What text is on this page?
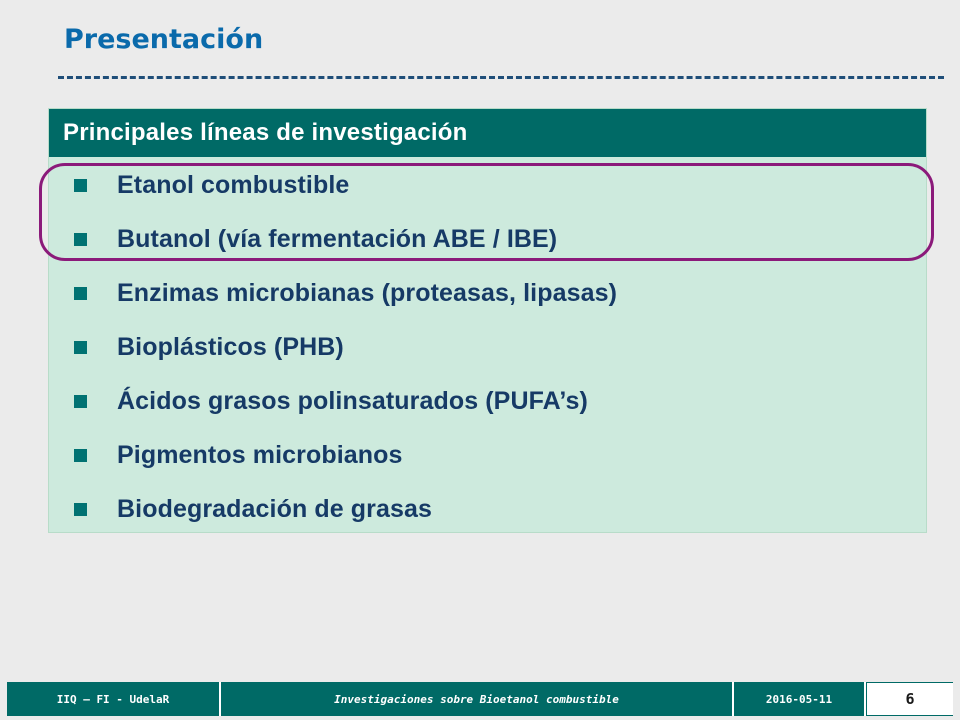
Presentación
Principales líneas de investigación
Etanol combustible
Butanol (vía fermentación ABE / IBE)
Enzimas microbianas (proteasas, lipasas)
Bioplásticos (PHB)
Ácidos grasos polinsaturados (PUFA’s)
Pigmentos microbianos
Biodegradación de grasas
IIQ – FI - UdelaR	Investigaciones sobre Bioetanol combustible	2016-05-11	6
